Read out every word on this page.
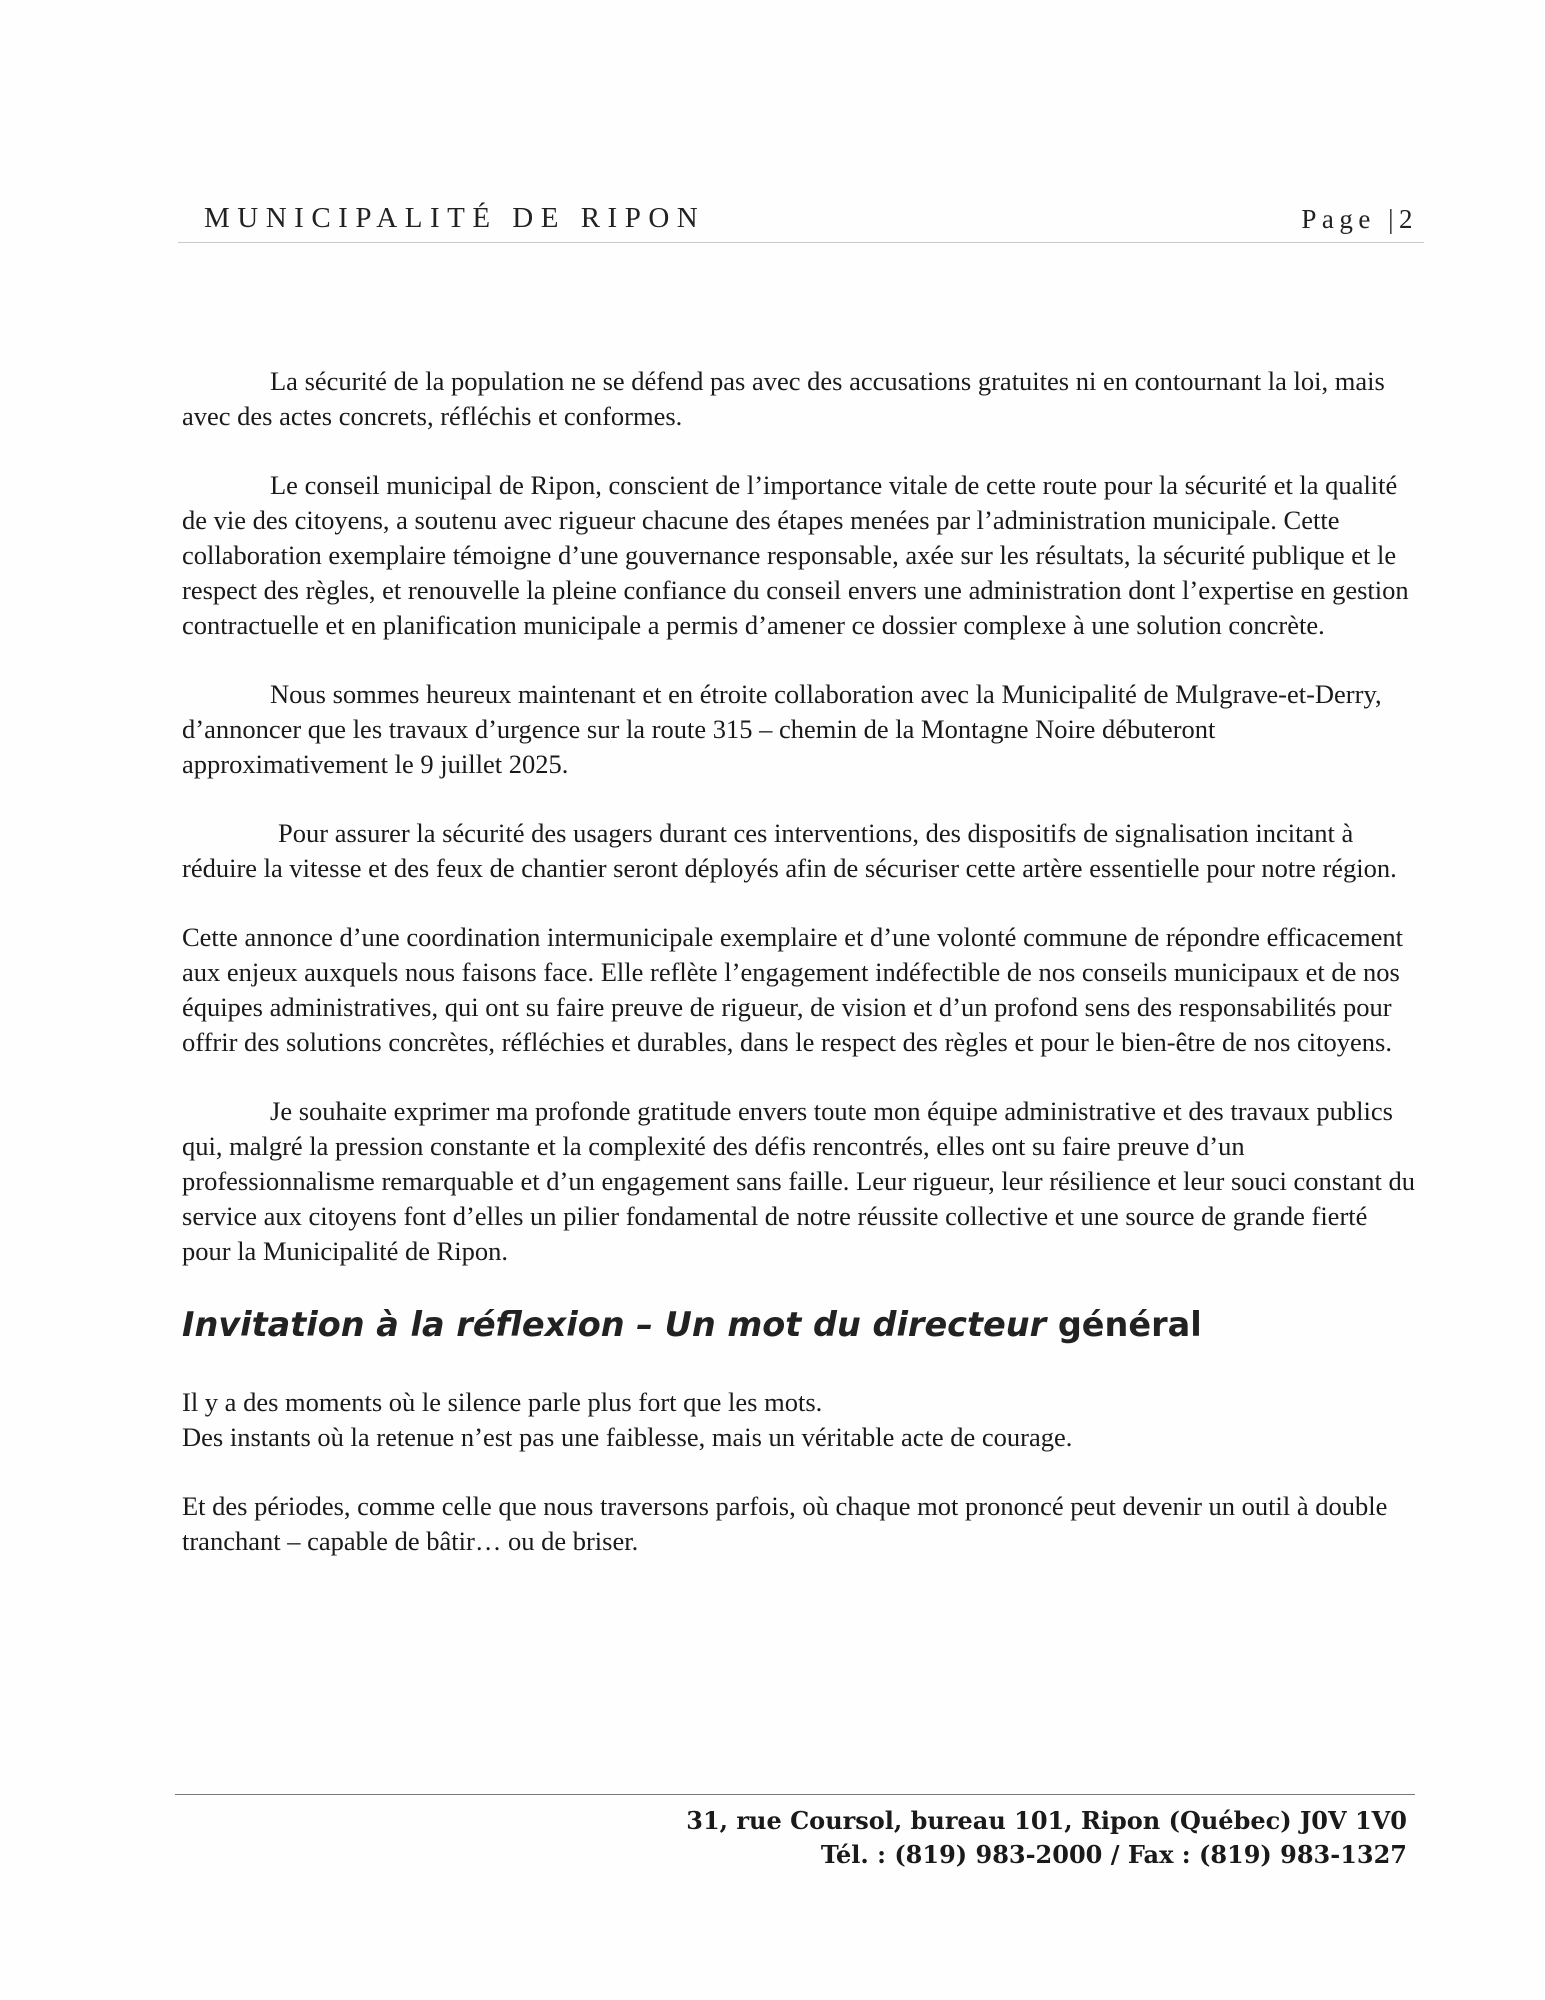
MUNICIPALITÉ DE RIPON	Page |2

La sécurité de la population ne se défend pas avec des accusations gratuites ni en contournant la loi, mais avec des actes concrets, réfléchis et conformes.

Le conseil municipal de Ripon, conscient de l’importance vitale de cette route pour la sécurité et la qualité de vie des citoyens, a soutenu avec rigueur chacune des étapes menées par l’administration municipale. Cette collaboration exemplaire témoigne d’une gouvernance responsable, axée sur les résultats, la sécurité publique et le respect des règles, et renouvelle la pleine confiance du conseil envers une administration dont l’expertise en gestion contractuelle et en planification municipale a permis d’amener ce dossier complexe à une solution concrète.

Nous sommes heureux maintenant et en étroite collaboration avec la Municipalité de Mulgrave-et-Derry, d’annoncer que les travaux d’urgence sur la route 315 – chemin de la Montagne Noire débuteront approximativement le 9 juillet 2025.

Pour assurer la sécurité des usagers durant ces interventions, des dispositifs de signalisation incitant à réduire la vitesse et des feux de chantier seront déployés afin de sécuriser cette artère essentielle pour notre région.

Cette annonce d’une coordination intermunicipale exemplaire et d’une volonté commune de répondre efficacement aux enjeux auxquels nous faisons face. Elle reflète l’engagement indéfectible de nos conseils municipaux et de nos équipes administratives, qui ont su faire preuve de rigueur, de vision et d’un profond sens des responsabilités pour offrir des solutions concrètes, réfléchies et durables, dans le respect des règles et pour le bien-être de nos citoyens.

Je souhaite exprimer ma profonde gratitude envers toute mon équipe administrative et des travaux publics qui, malgré la pression constante et la complexité des défis rencontrés, elles ont su faire preuve d’un professionnalisme remarquable et d’un engagement sans faille. Leur rigueur, leur résilience et leur souci constant du service aux citoyens font d’elles un pilier fondamental de notre réussite collective et une source de grande fierté pour la Municipalité de Ripon.

Invitation à la réflexion – Un mot du directeur général

Il y a des moments où le silence parle plus fort que les mots.

Des instants où la retenue n’est pas une faiblesse, mais un véritable acte de courage.

Et des périodes, comme celle que nous traversons parfois, où chaque mot prononcé peut devenir un outil à double tranchant – capable de bâtir… ou de briser.

31, rue Coursol, bureau 101, Ripon (Québec) J0V 1V0
Tél. : (819) 983-2000 / Fax : (819) 983-1327
